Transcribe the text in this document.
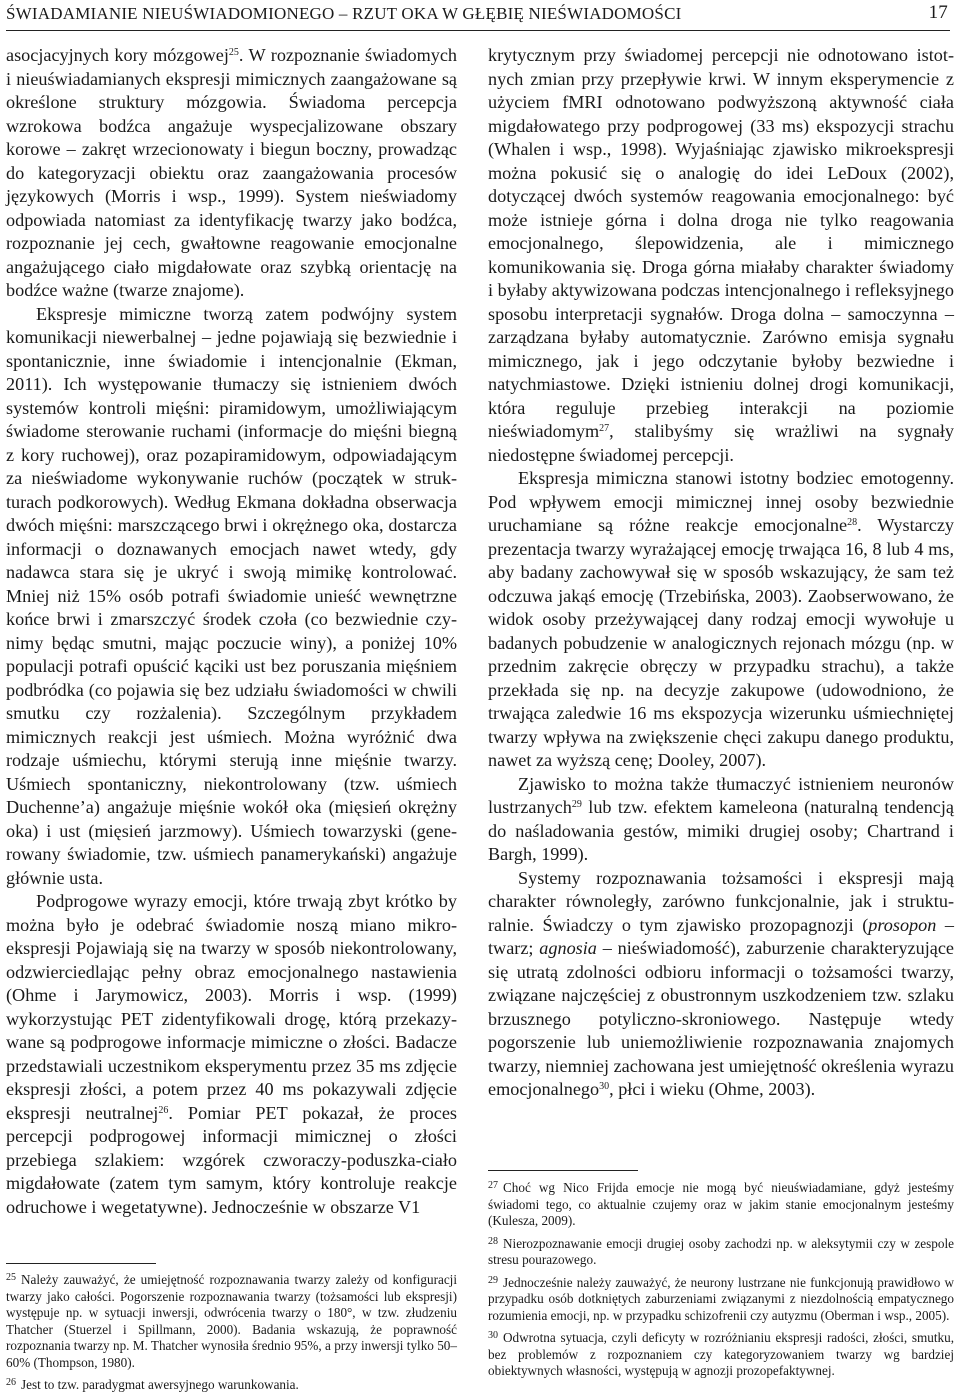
ŚWIADAMIANIE NIEUŚWIADOMIONEGO – RZUT OKA W GŁĘBIĘ NIEŚWIADOMOŚCI	17

asocjacyjnych kory mózgowej$^{25}$. W rozpoznanie świadomych i nieuświadamianych ekspresji mimicznych zaangażowane są określone struktury mózgowia. Świadoma percepcja wzrokowa bodźca angażuje wyspecjalizowane obszary korowe – zakręt wrzecionowaty i biegun boczny, prowadząc do kategoryzacji obiektu oraz zaangażowania procesów językowych (Morris i wsp., 1999). System nieświadomy odpowiada natomiast za identyfikację twarzy jako bodźca, rozpoznanie jej cech, gwałtowne reagowanie emocjonalne angażującego ciało migdałowate oraz szybką orientację na bodźce ważne (twarze znajome).

Ekspresje mimiczne tworzą zatem podwójny system komunikacji niewerbalnej – jedne pojawiają się bezwiednie i spontanicznie, inne świadomie i intencjonalnie (Ekman, 2011). Ich występowanie tłumaczy się istnieniem dwóch systemów kontroli mięśni: piramidowym, umożliwiającym świadome sterowanie ruchami (informacje do mięśni biegną z kory ruchowej), oraz pozapiramidowym, odpowiadającym za nieświadome wykonywanie ruchów (początek w strukturach podkorowych). Według Ekmana dokładna obserwacja dwóch mięśni: marszczącego brwi i okrężnego oka, dostarcza informacji o doznawanych emocjach nawet wtedy, gdy nadawca stara się je ukryć i swoją mimikę kontrolować. Mniej niż 15% osób potrafi świadomie unieść wewnętrzne końce brwi i zmarszczyć środek czoła (co bezwiednie czynimy będąc smutni, mając poczucie winy), a poniżej 10% populacji potrafi opuścić kąciki ust bez poruszania mięśniem podbródka (co pojawia się bez udziału świadomości w chwili smutku czy rozżalenia). Szczególnym przykładem mimicznych reakcji jest uśmiech. Można wyróżnić dwa rodzaje uśmiechu, którymi sterują inne mięśnie twarzy. Uśmiech spontaniczny, niekontrolowany (tzw. uśmiech Duchenne’a) angażuje mięśnie wokół oka (mięsień okrężny oka) i ust (mięsień jarzmowy). Uśmiech towarzyski (generowany świadomie, tzw. uśmiech panamerykański) angażuje głównie usta.

Podprogowe wyrazy emocji, które trwają zbyt krótko by można było je odebrać świadomie noszą miano mikroekspresji Pojawiają się na twarzy w sposób niekontrolowany, odzwierciedlając pełny obraz emocjonalnego nastawienia (Ohme i Jarymowicz, 2003). Morris i wsp. (1999) wykorzystując PET zidentyfikowali drogę, którą przekazywane są podprogowe informacje mimiczne o złości. Badacze przedstawiali uczestnikom eksperymentu przez 35 ms zdjęcie ekspresji złości, a potem przez 40 ms pokazywali zdjęcie ekspresji neutralnej$^{26}$. Pomiar PET pokazał, że proces percepcji podprogowej informacji mimicznej o złości przebiega szlakiem: wzgórek czworaczy-poduszka-ciało migdałowate (zatem tym samym, który kontroluje reakcje odruchowe i wegetatywne). Jednocześnie w obszarze V1

$^{25}$ Należy zauważyć, że umiejętność rozpoznawania twarzy zależy od konfiguracji twarzy jako całości. Pogorszenie rozpoznawania twarzy (tożsamości lub ekspresji) występuje np. w sytuacji inwersji, odwrócenia twarzy o 180°, w tzw. złudzeniu Thatcher (Stuerzel i Spillmann, 2000). Badania wskazują, że poprawność rozpoznania twarzy np. M. Thatcher wynosiła średnio 95%, a przy inwersji tylko 50–60% (Thompson, 1980).

$^{26}$ Jest to tzw. paradygmat awersyjnego warunkowania.

krytycznym przy świadomej percepcji nie odnotowano istotnych zmian przy przepływie krwi. W innym eksperymencie z użyciem fMRI odnotowano podwyższoną aktywność ciała migdałowatego przy podprogowej (33 ms) ekspozycji strachu (Whalen i wsp., 1998). Wyjaśniając zjawisko mikroekspresji można pokusić się o analogię do idei LeDoux (2002), dotyczącej dwóch systemów reagowania emocjonalnego: być może istnieje górna i dolna droga nie tylko reagowania emocjonalnego, ślepowidzenia, ale i mimicznego komunikowania się. Droga górna miałaby charakter świadomy i byłaby aktywizowana podczas intencjonalnego i refleksyjnego sposobu interpretacji sygnałów. Droga dolna – samoczynna – zarządzana byłaby automatycznie. Zarówno emisja sygnału mimicznego, jak i jego odczytanie byłoby bezwiedne i natychmiastowe. Dzięki istnieniu dolnej drogi komunikacji, która reguluje przebieg interakcji na poziomie nieświadomym$^{27}$, stalibyśmy się wrażliwi na sygnały niedostępne świadomej percepcji.

Ekspresja mimiczna stanowi istotny bodziec emotogenny. Pod wpływem emocji mimicznej innej osoby bezwiednie uruchamiane są różne reakcje emocjonalne$^{28}$. Wystarczy prezentacja twarzy wyrażającej emocję trwająca 16, 8 lub 4 ms, aby badany zachowywał się w sposób wskazujący, że sam też odczuwa jakąś emocję (Trzebińska, 2003). Zaobserwowano, że widok osoby przeżywającej dany rodzaj emocji wywołuje u badanych pobudzenie w analogicznych rejonach mózgu (np. w przednim zakręcie obręczy w przypadku strachu), a także przekłada się np. na decyzje zakupowe (udowodniono, że trwająca zaledwie 16 ms ekspozycja wizerunku uśmiechniętej twarzy wpływa na zwiększenie chęci zakupu danego produktu, nawet za wyższą cenę; Dooley, 2007).

Zjawisko to można także tłumaczyć istnieniem neuronów lustrzanych$^{29}$ lub tzw. efektem kameleona (naturalną tendencją do naśladowania gestów, mimiki drugiej osoby; Chartrand i Bargh, 1999).

Systemy rozpoznawania tożsamości i ekspresji mają charakter równoległy, zarówno funkcjonalnie, jak i strukturalnie. Świadczy o tym zjawisko prozopagnozji (prosopon – twarz; agnosia – nieświadomość), zaburzenie charakteryzujące się utratą zdolności odbioru informacji o tożsamości twarzy, związane najczęściej z obustronnym uszkodzeniem tzw. szlaku brzusznego potyliczno-skroniowego. Następuje wtedy pogorszenie lub uniemożliwienie rozpoznawania znajomych twarzy, niemniej zachowana jest umiejętność określenia wyrazu emocjonalnego$^{30}$, płci i wieku (Ohme, 2003).

$^{27}$ Choć wg Nico Frijda emocje nie mogą być nieuświadamiane, gdyż jesteśmy świadomi tego, co aktualnie czujemy oraz w jakim stanie emocjonalnym jesteśmy (Kulesza, 2009).

$^{28}$ Nierozpoznawanie emocji drugiej osoby zachodzi np. w aleksytymii czy w zespole stresu pourazowego.

$^{29}$ Jednocześnie należy zauważyć, że neurony lustrzane nie funkcjonują prawidłowo w przypadku osób dotkniętych zaburzeniami związanymi z niezdolnością empatycznego rozumienia emocji, np. w przypadku schizofrenii czy autyzmu (Oberman i wsp., 2005).

$^{30}$ Odwrotna sytuacja, czyli deficyty w rozróżnianiu ekspresji radości, złości, smutku, bez problemów z rozpoznaniem czy kategoryzowaniem twarzy wg bardziej obiektywnych własności, występują w agnozji prozopefaktywnej.
